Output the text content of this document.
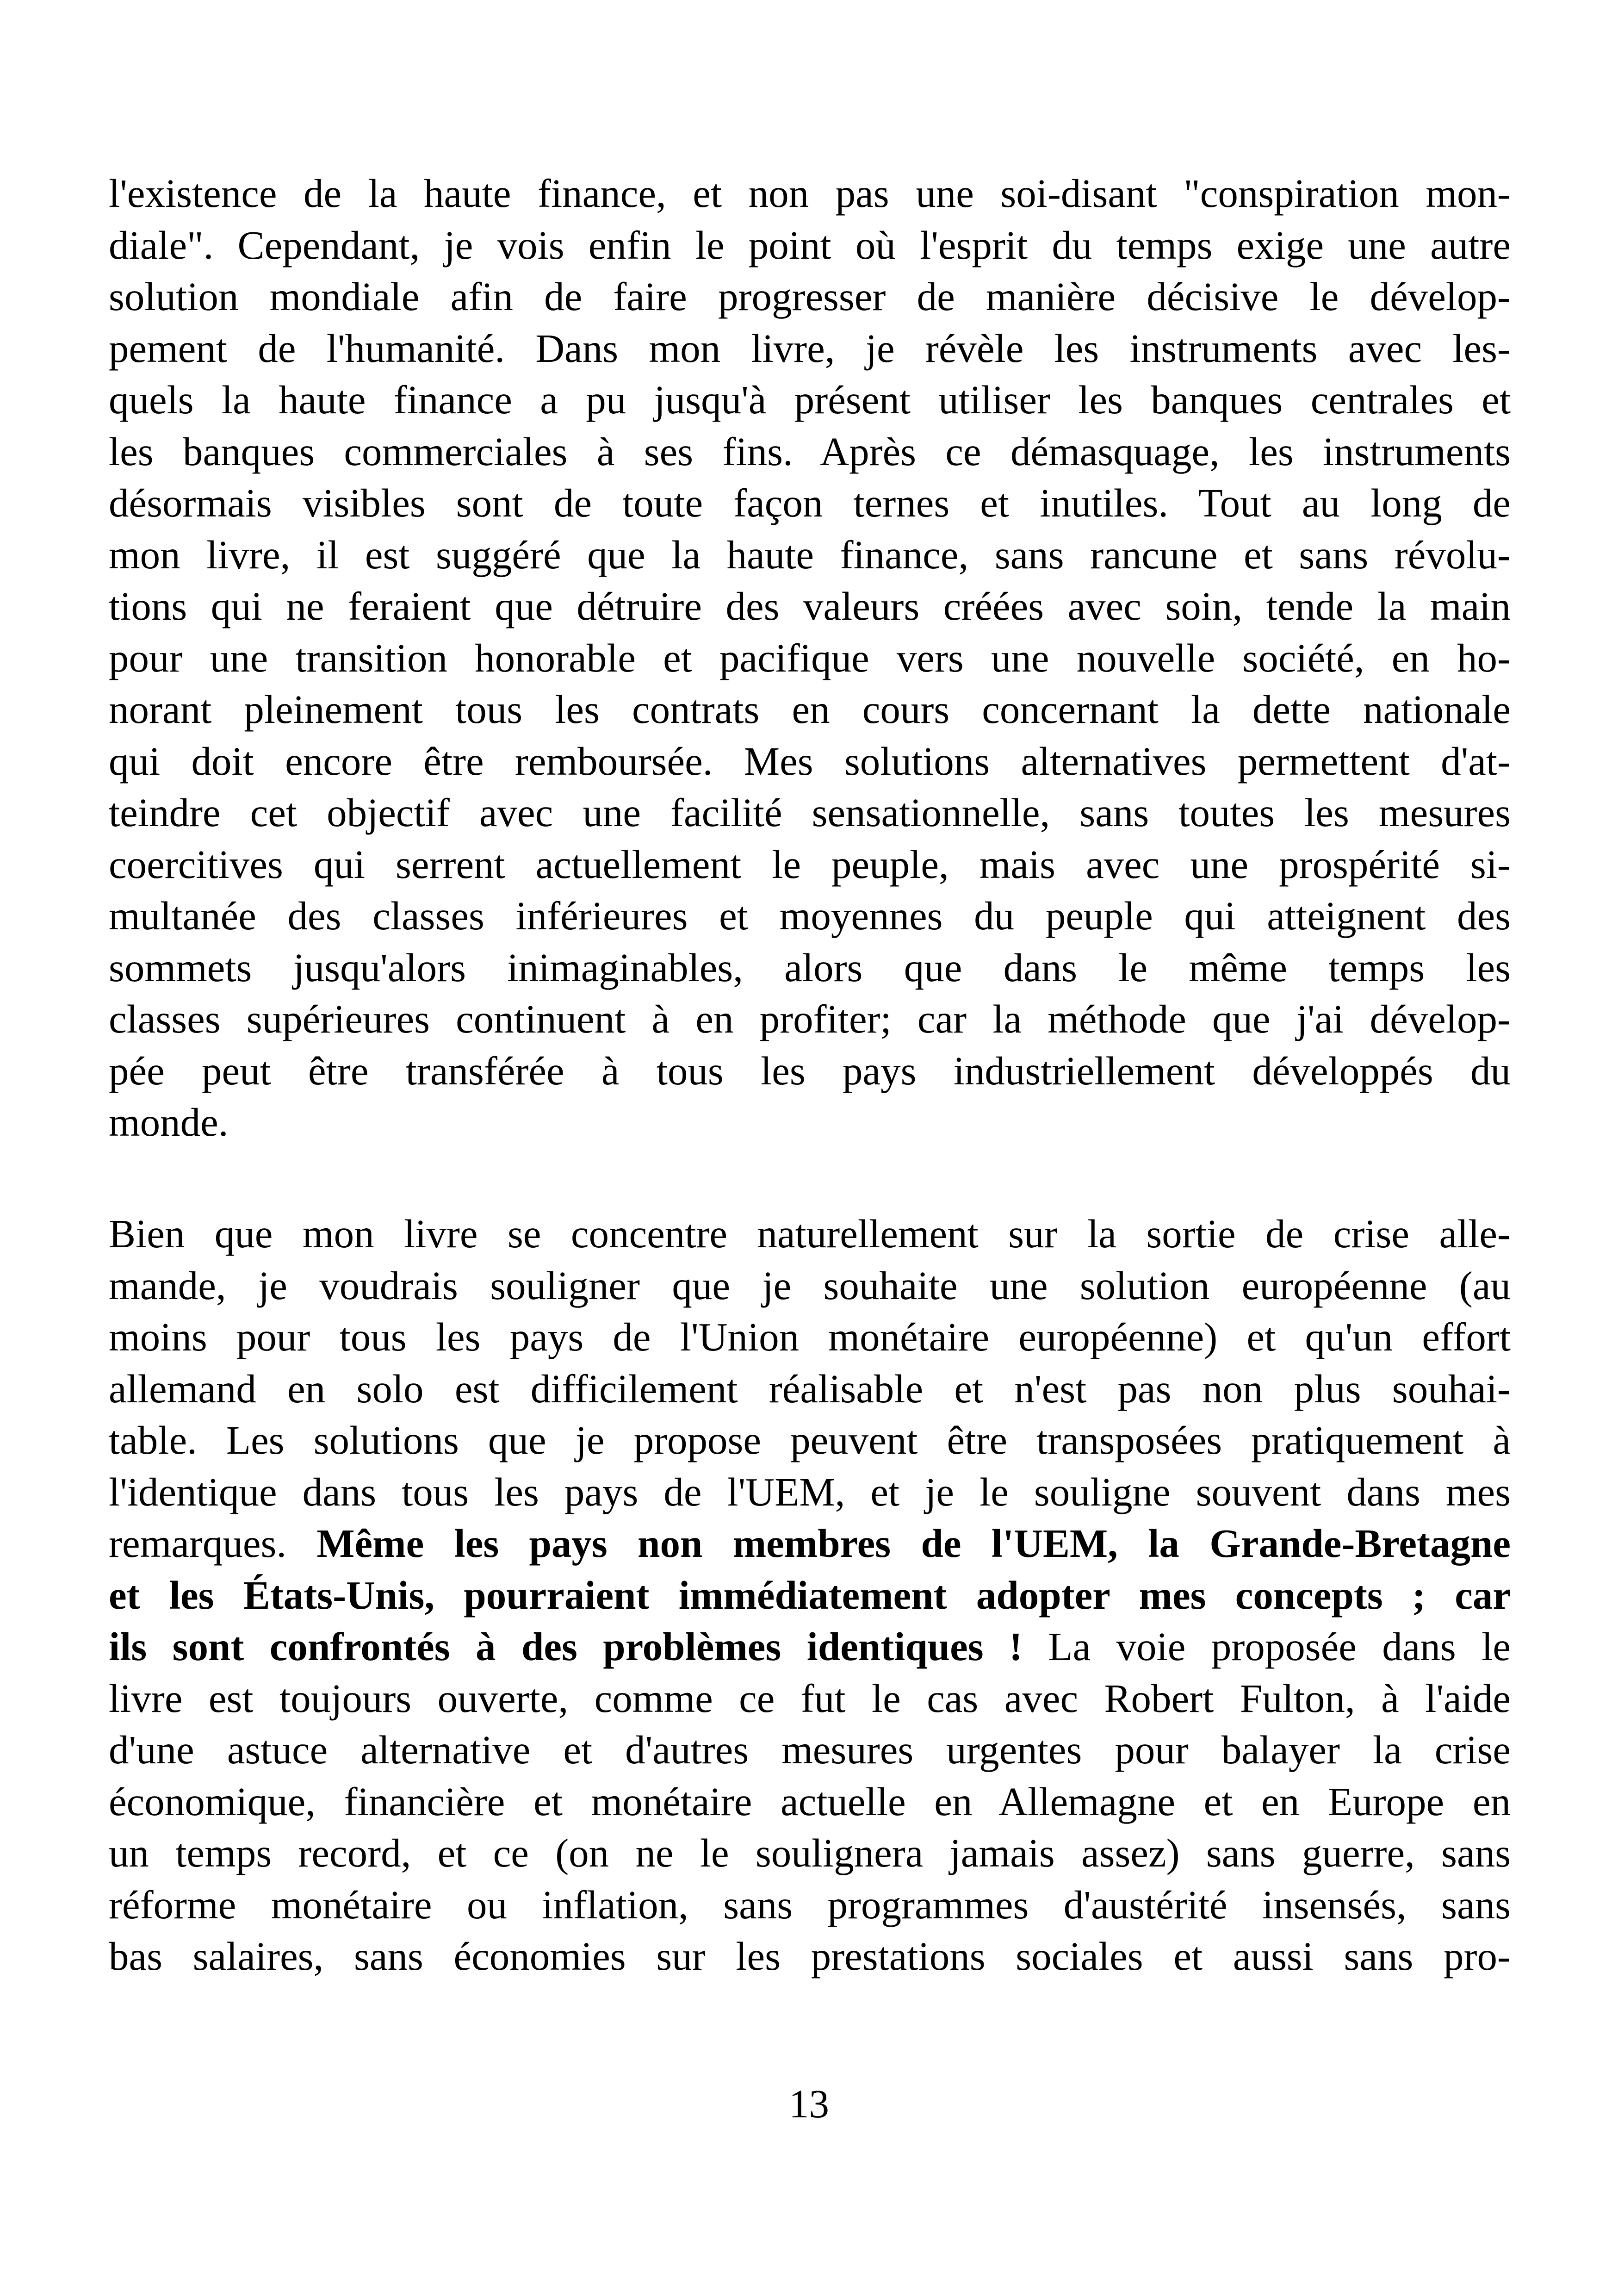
l'existence de la haute finance, et non pas une soi-disant "conspiration mon-
diale". Cependant, je vois enfin le point où l'esprit du temps exige une autre
solution mondiale afin de faire progresser de manière décisive le dévelop-
pement de l'humanité. Dans mon livre, je révèle les instruments avec les-
quels la haute finance a pu jusqu'à présent utiliser les banques centrales et
les banques commerciales à ses fins. Après ce démasquage, les instruments
désormais visibles sont de toute façon ternes et inutiles. Tout au long de
mon livre, il est suggéré que la haute finance, sans rancune et sans révolu-
tions qui ne feraient que détruire des valeurs créées avec soin, tende la main
pour une transition honorable et pacifique vers une nouvelle société, en ho-
norant pleinement tous les contrats en cours concernant la dette nationale
qui doit encore être remboursée. Mes solutions alternatives permettent d'at-
teindre cet objectif avec une facilité sensationnelle, sans toutes les mesures
coercitives qui serrent actuellement le peuple, mais avec une prospérité si-
multanée des classes inférieures et moyennes du peuple qui atteignent des
sommets jusqu'alors inimaginables, alors que dans le même temps les
classes supérieures continuent à en profiter; car la méthode que j'ai dévelop-
pée peut être transférée à tous les pays industriellement développés du
monde.
Bien que mon livre se concentre naturellement sur la sortie de crise alle-
mande, je voudrais souligner que je souhaite une solution européenne (au
moins pour tous les pays de l'Union monétaire européenne) et qu'un effort
allemand en solo est difficilement réalisable et n'est pas non plus souhai-
table. Les solutions que je propose peuvent être transposées pratiquement à
l'identique dans tous les pays de l'UEM, et je le souligne souvent dans mes
remarques. Même les pays non membres de l'UEM, la Grande-Bretagne
et les États-Unis, pourraient immédiatement adopter mes concepts ; car
ils sont confrontés à des problèmes identiques ! La voie proposée dans le
livre est toujours ouverte, comme ce fut le cas avec Robert Fulton, à l'aide
d'une astuce alternative et d'autres mesures urgentes pour balayer la crise
économique, financière et monétaire actuelle en Allemagne et en Europe en
un temps record, et ce (on ne le soulignera jamais assez) sans guerre, sans
réforme monétaire ou inflation, sans programmes d'austérité insensés, sans
bas salaires, sans économies sur les prestations sociales et aussi sans pro-

13
